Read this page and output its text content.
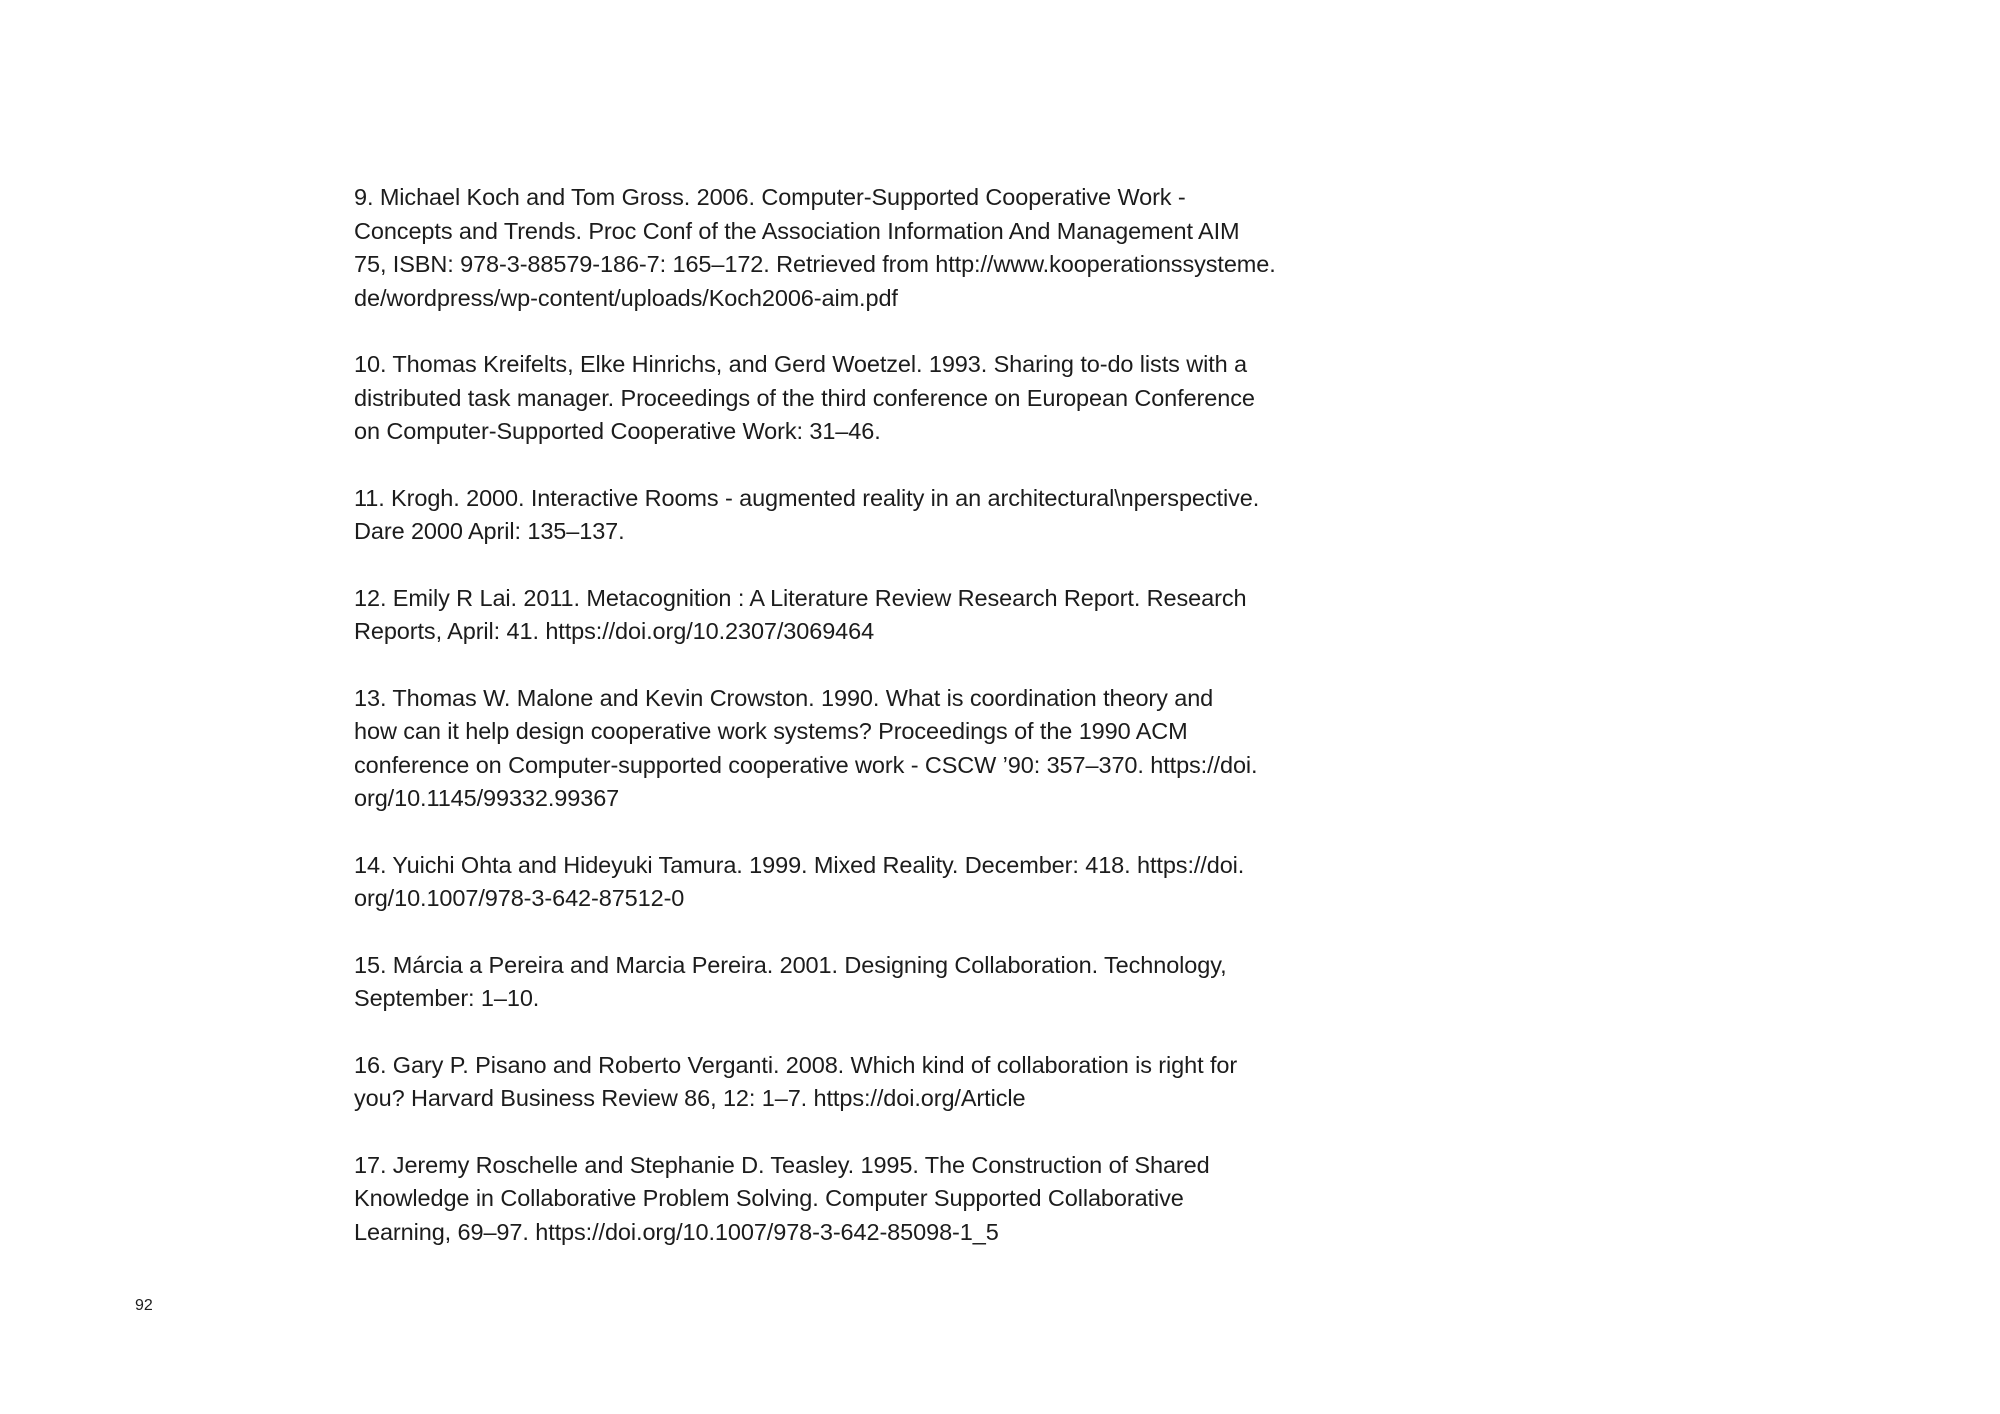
9. Michael Koch and Tom Gross. 2006. Computer-Supported Cooperative Work -
Concepts and Trends. Proc Conf of the Association Information And Management AIM
75, ISBN: 978-3-88579-186-7: 165–172. Retrieved from http://www.kooperationssysteme.
de/wordpress/wp-content/uploads/Koch2006-aim.pdf
10. Thomas Kreifelts, Elke Hinrichs, and Gerd Woetzel. 1993. Sharing to-do lists with a
distributed task manager. Proceedings of the third conference on European Conference
on Computer-Supported Cooperative Work: 31–46.
11. Krogh. 2000. Interactive Rooms - augmented reality in an architectural\nperspective.
Dare 2000 April: 135–137.
12. Emily R Lai. 2011. Metacognition : A Literature Review Research Report. Research
Reports, April: 41. https://doi.org/10.2307/3069464
13. Thomas W. Malone and Kevin Crowston. 1990. What is coordination theory and
how can it help design cooperative work systems? Proceedings of the 1990 ACM
conference on Computer-supported cooperative work - CSCW ’90: 357–370. https://doi.
org/10.1145/99332.99367
14. Yuichi Ohta and Hideyuki Tamura. 1999. Mixed Reality. December: 418. https://doi.
org/10.1007/978-3-642-87512-0
15. Márcia a Pereira and Marcia Pereira. 2001. Designing Collaboration. Technology,
September: 1–10.
16. Gary P. Pisano and Roberto Verganti. 2008. Which kind of collaboration is right for
you? Harvard Business Review 86, 12: 1–7. https://doi.org/Article
17. Jeremy Roschelle and Stephanie D. Teasley. 1995. The Construction of Shared
Knowledge in Collaborative Problem Solving. Computer Supported Collaborative
Learning, 69–97. https://doi.org/10.1007/978-3-642-85098-1_5
92
